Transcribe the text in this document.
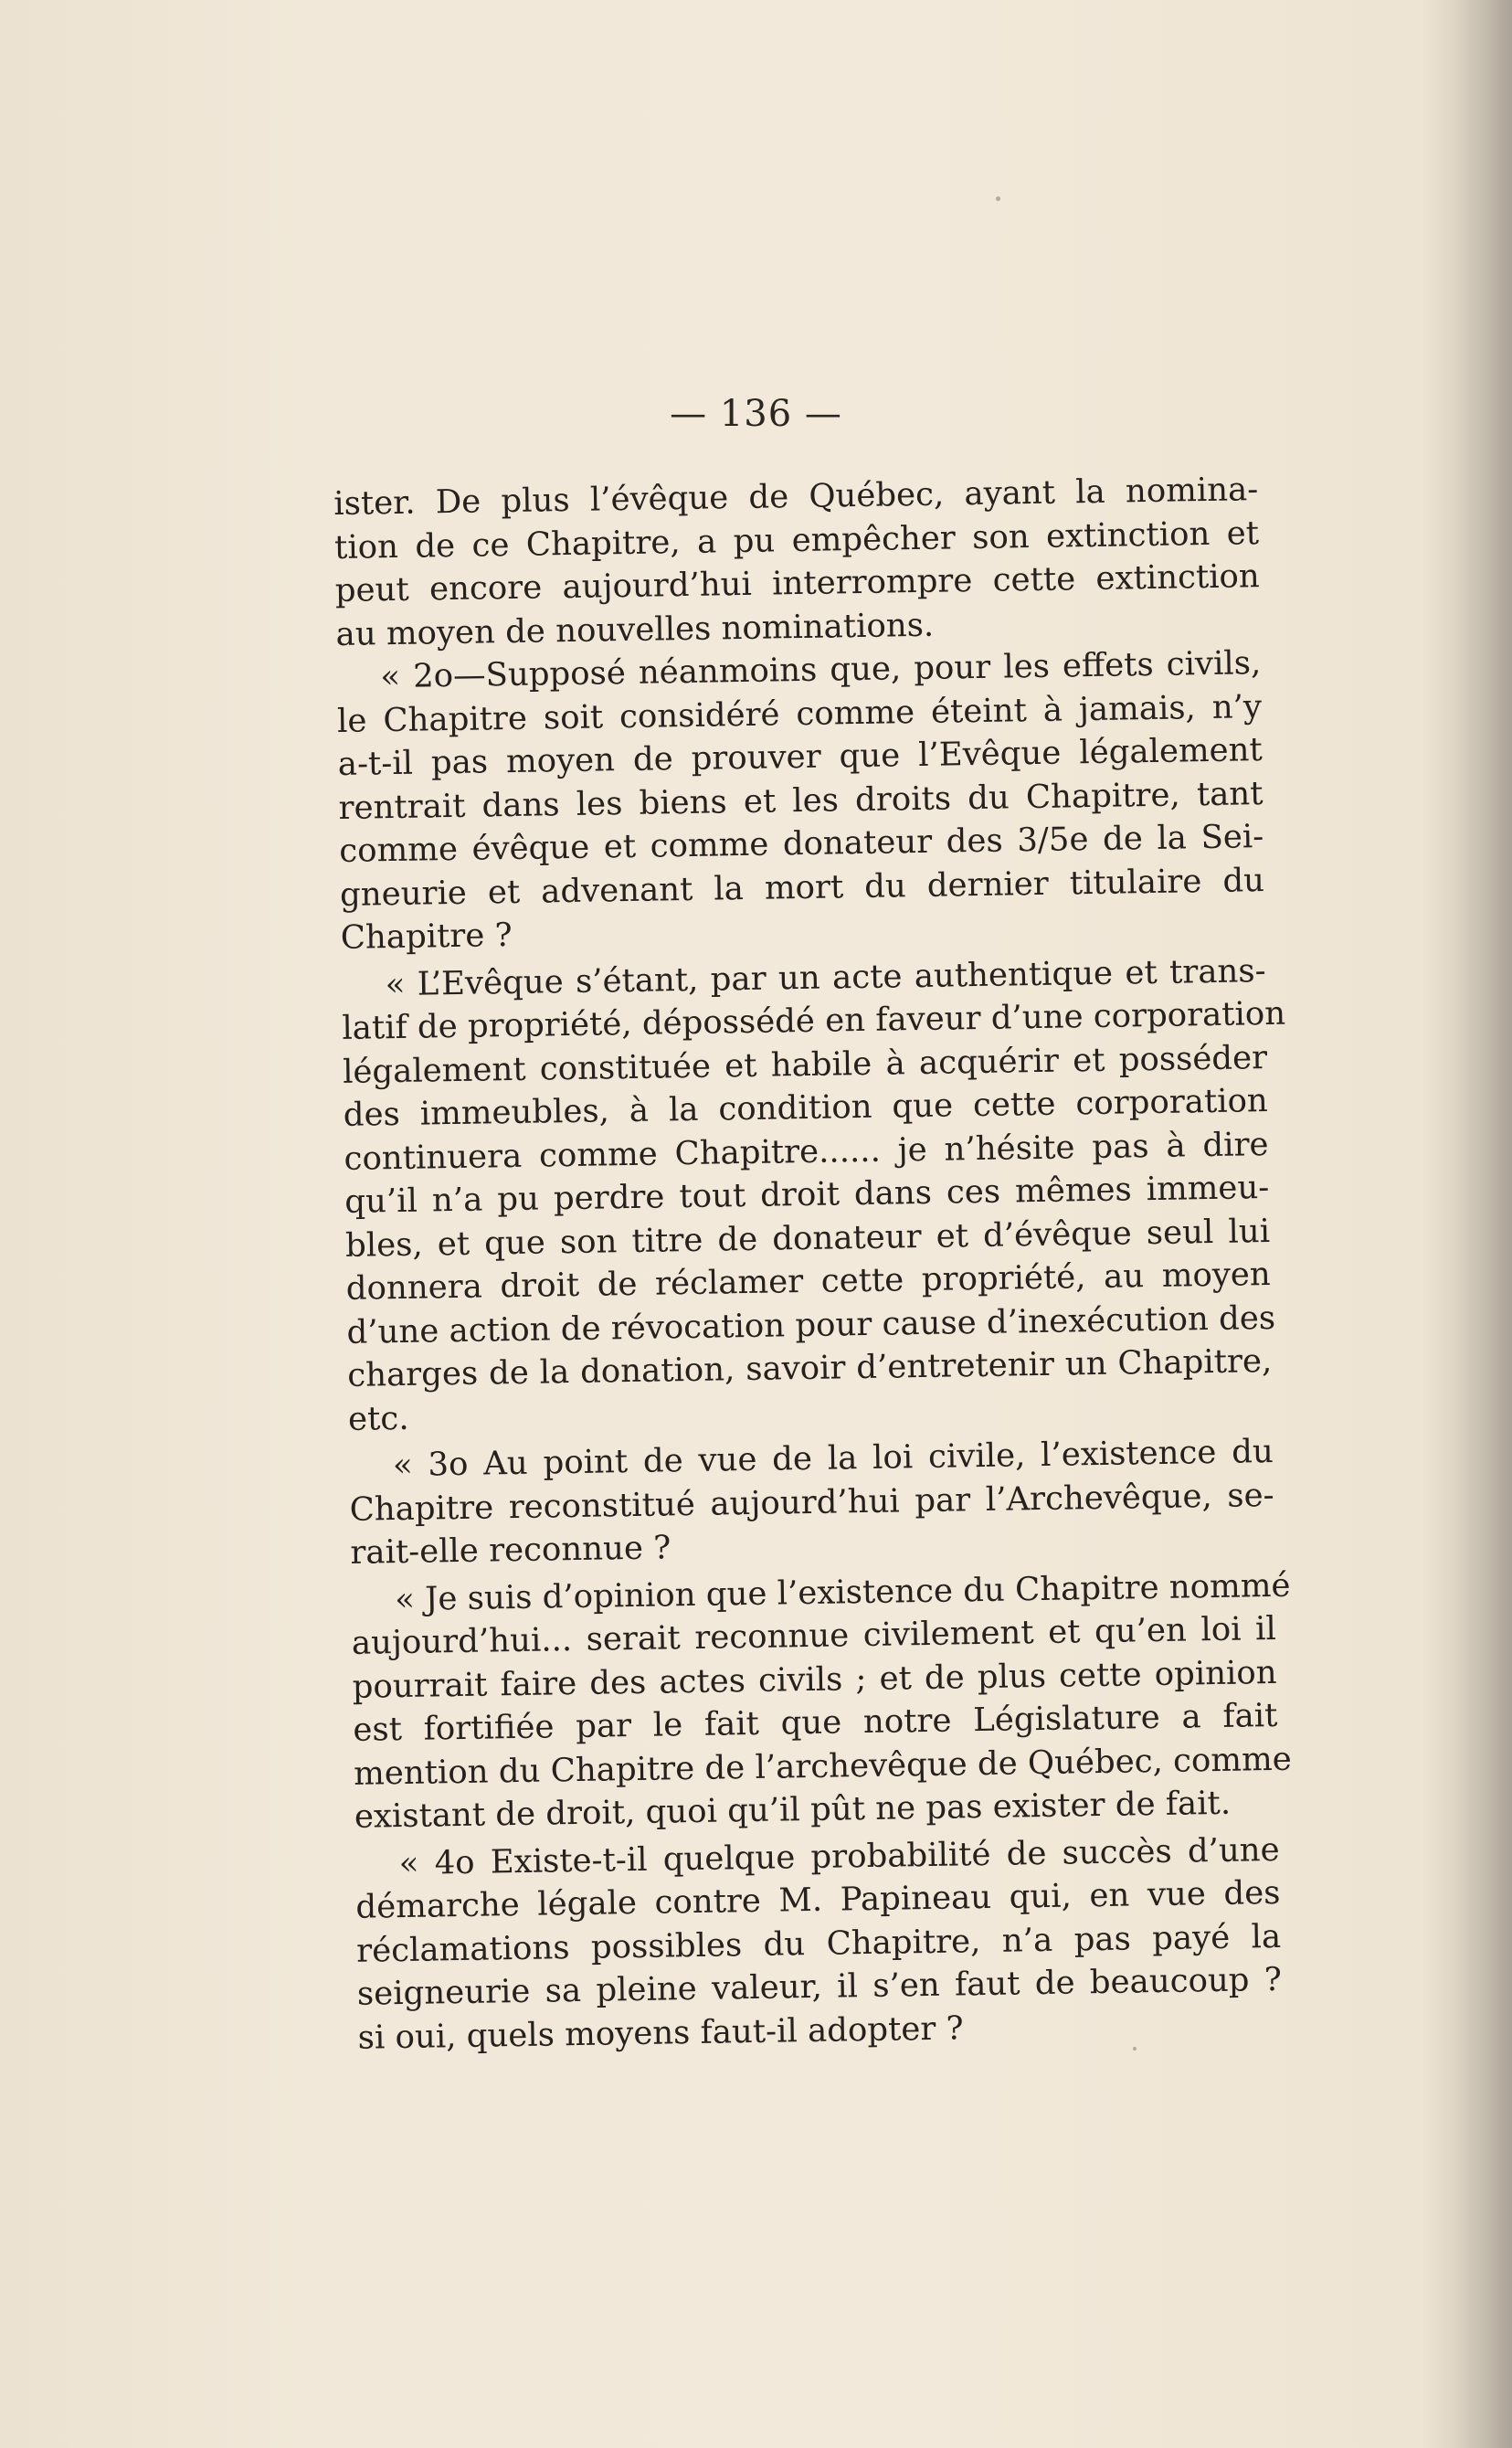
— 136 —
ister. De plus l’évêque de Québec, ayant la nomina-
tion de ce Chapitre, a pu empêcher son extinction et
peut encore aujourd’hui interrompre cette extinction
au moyen de nouvelles nominations.
« 2o—Supposé néanmoins que, pour les effets civils,
le Chapitre soit considéré comme éteint à jamais, n’y
a-t-il pas moyen de prouver que l’Evêque légalement
rentrait dans les biens et les droits du Chapitre, tant
comme évêque et comme donateur des 3/5e de la Sei-
gneurie et advenant la mort du dernier titulaire du
Chapitre ?
« L’Evêque s’étant, par un acte authentique et trans-
latif de propriété, dépossédé en faveur d’une corporation
légalement constituée et habile à acquérir et posséder
des immeubles, à la condition que cette corporation
continuera comme Chapitre...... je n’hésite pas à dire
qu’il n’a pu perdre tout droit dans ces mêmes immeu-
bles, et que son titre de donateur et d’évêque seul lui
donnera droit de réclamer cette propriété, au moyen
d’une action de révocation pour cause d’inexécution des
charges de la donation, savoir d’entretenir un Chapitre,
etc.
« 3o Au point de vue de la loi civile, l’existence du
Chapitre reconstitué aujourd’hui par l’Archevêque, se-
rait-elle reconnue ?
« Je suis d’opinion que l’existence du Chapitre nommé
aujourd’hui... serait reconnue civilement et qu’en loi il
pourrait faire des actes civils ; et de plus cette opinion
est fortifiée par le fait que notre Législature a fait
mention du Chapitre de l’archevêque de Québec, comme
existant de droit, quoi qu’il pût ne pas exister de fait.
« 4o Existe-t-il quelque probabilité de succès d’une
démarche légale contre M. Papineau qui, en vue des
réclamations possibles du Chapitre, n’a pas payé la
seigneurie sa pleine valeur, il s’en faut de beaucoup ?
si oui, quels moyens faut-il adopter ?
